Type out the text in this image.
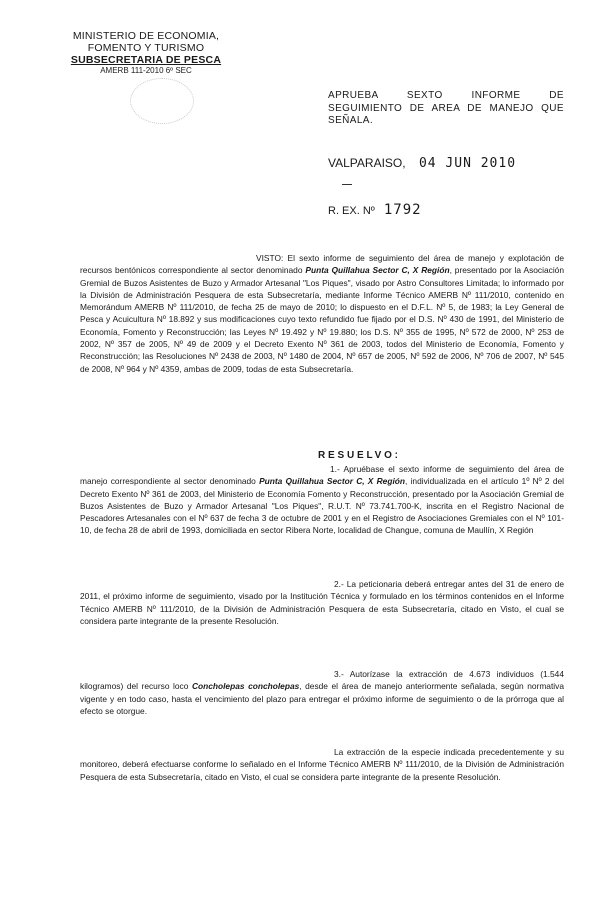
MINISTERIO DE ECONOMIA,
FOMENTO Y TURISMO
SUBSECRETARIA DE PESCA
AMERB 111-2010 6º SEC
APRUEBA SEXTO INFORME DE SEGUIMIENTO DE AREA DE MANEJO QUE SEÑALA.
VALPARAISO, 04 JUN 2010
R. EX. Nº 1792

VISTO: El sexto informe de seguimiento del área de manejo y explotación de recursos bentónicos correspondiente al sector denominado Punta Quillahua Sector C, X Región, presentado por la Asociación Gremial de Buzos Asistentes de Buzo y Armador Artesanal "Los Piques", visado por Astro Consultores Limitada; lo informado por la División de Administración Pesquera de esta Subsecretaría, mediante Informe Técnico AMERB Nº 111/2010, contenido en Memorándum AMERB Nº 111/2010, de fecha 25 de mayo de 2010; lo dispuesto en el D.F.L. Nº 5, de 1983; la Ley General de Pesca y Acuicultura Nº 18.892 y sus modificaciones cuyo texto refundido fue fijado por el D.S. Nº 430 de 1991, del Ministerio de Economía, Fomento y Reconstrucción; las Leyes Nº 19.492 y Nº 19.880; los D.S. Nº 355 de 1995, Nº 572 de 2000, Nº 253 de 2002, Nº 357 de 2005, Nº 49 de 2009 y el Decreto Exento Nº 361 de 2003, todos del Ministerio de Economía, Fomento y Reconstrucción; las Resoluciones Nº 2438 de 2003, Nº 1480 de 2004, Nº 657 de 2005, Nº 592 de 2006, Nº 706 de 2007, Nº 545 de 2008, Nº 964 y Nº 4359, ambas de 2009, todas de esta Subsecretaría.

RESUELVO:

1.- Apruébase el sexto informe de seguimiento del área de manejo correspondiente al sector denominado Punta Quillahua Sector C, X Región, individualizada en el artículo 1º Nº 2 del Decreto Exento Nº 361 de 2003, del Ministerio de Economía Fomento y Reconstrucción, presentado por la Asociación Gremial de Buzos Asistentes de Buzo y Armador Artesanal "Los Piques", R.U.T. Nº 73.741.700-K, inscrita en el Registro Nacional de Pescadores Artesanales con el Nº 637 de fecha 3 de octubre de 2001 y en el Registro de Asociaciones Gremiales con el Nº 101-10, de fecha 28 de abril de 1993, domiciliada en sector Ribera Norte, localidad de Changue, comuna de Maullín, X Región

2.- La peticionaria deberá entregar antes del 31 de enero de 2011, el próximo informe de seguimiento, visado por la Institución Técnica y formulado en los términos contenidos en el Informe Técnico AMERB Nº 111/2010, de la División de Administración Pesquera de esta Subsecretaría, citado en Visto, el cual se considera parte integrante de la presente Resolución.

3.- Autorízase la extracción de 4.673 individuos (1.544 kilogramos) del recurso loco Concholepas concholepas, desde el área de manejo anteriormente señalada, según normativa vigente y en todo caso, hasta el vencimiento del plazo para entregar el próximo informe de seguimiento o de la prórroga que al efecto se otorgue.

La extracción de la especie indicada precedentemente y su monitoreo, deberá efectuarse conforme lo señalado en el Informe Técnico AMERB Nº 111/2010, de la División de Administración Pesquera de esta Subsecretaría, citado en Visto, el cual se considera parte integrante de la presente Resolución.
